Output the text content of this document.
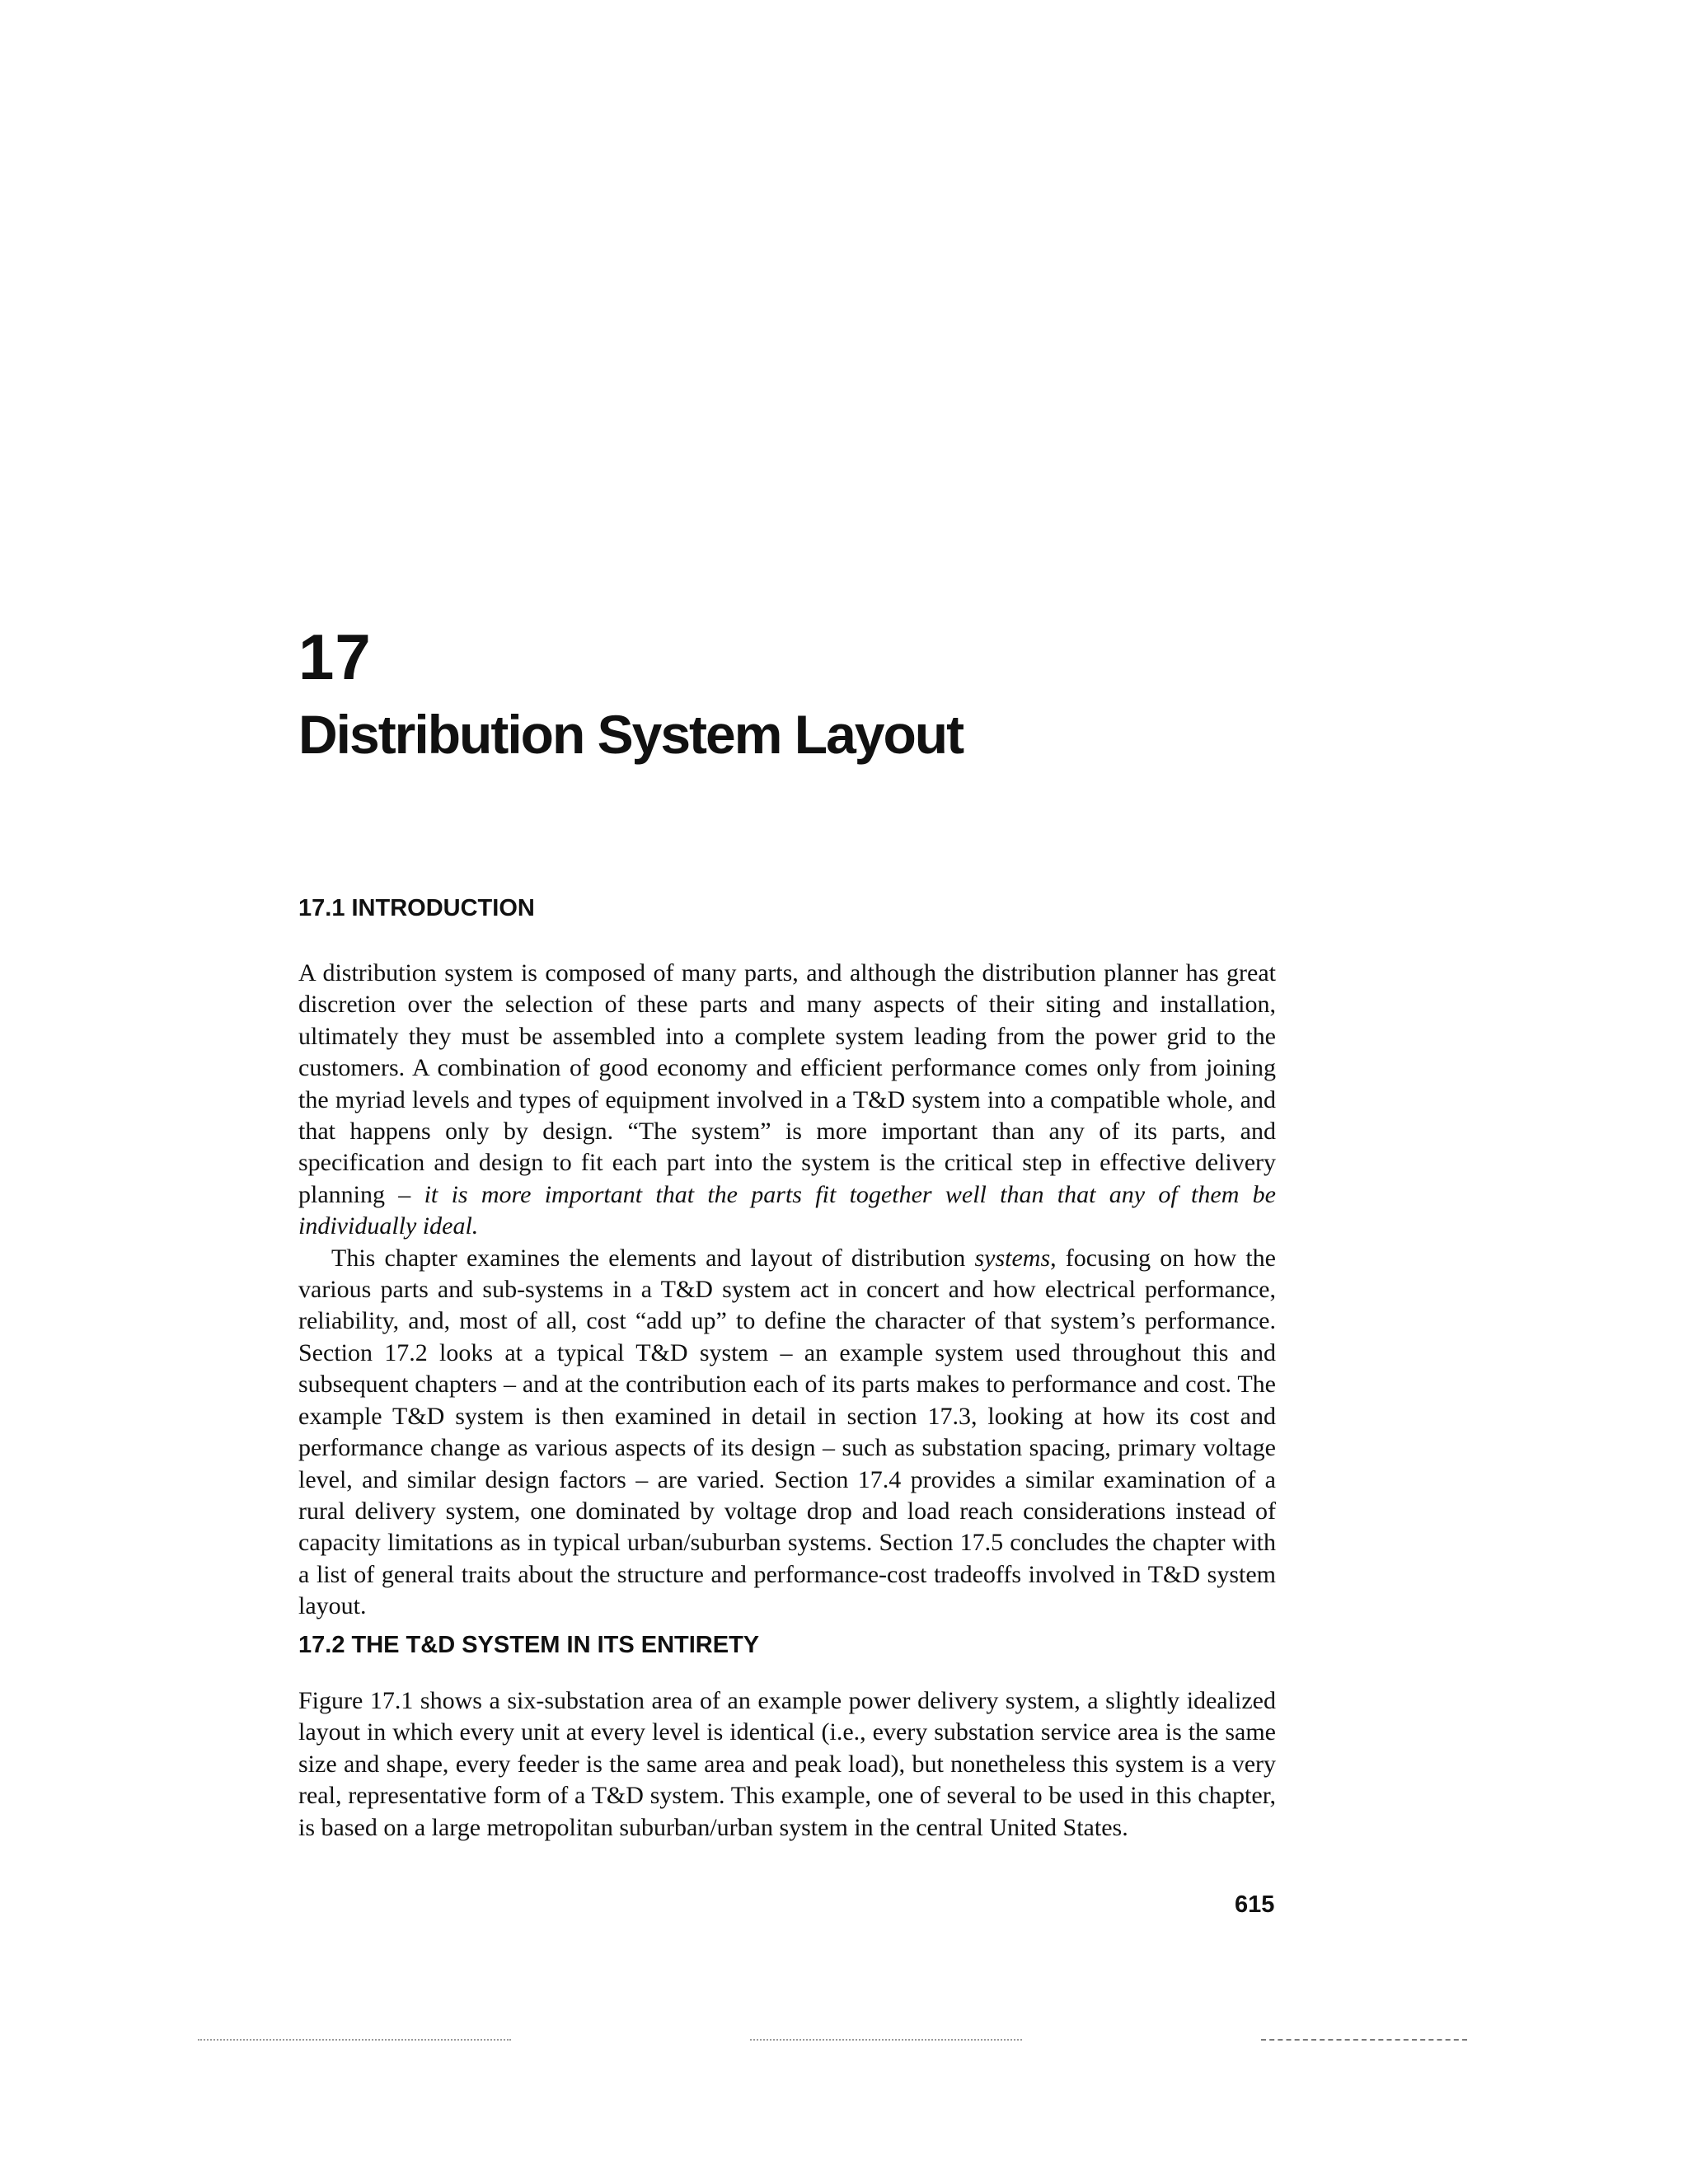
17
Distribution System Layout
17.1 INTRODUCTION

A distribution system is composed of many parts, and although the distribution planner has great discretion over the selection of these parts and many aspects of their siting and installation, ultimately they must be assembled into a complete system leading from the power grid to the customers. A combination of good economy and efficient performance comes only from joining the myriad levels and types of equipment involved in a T&D system into a compatible whole, and that happens only by design. “The system” is more important than any of its parts, and specification and design to fit each part into the system is the critical step in effective delivery planning – it is more important that the parts fit together well than that any of them be individually ideal.

This chapter examines the elements and layout of distribution systems, focusing on how the various parts and sub-systems in a T&D system act in concert and how electrical performance, reliability, and, most of all, cost “add up” to define the character of that system’s performance. Section 17.2 looks at a typical T&D system – an example system used throughout this and subsequent chapters – and at the contribution each of its parts makes to performance and cost. The example T&D system is then examined in detail in section 17.3, looking at how its cost and performance change as various aspects of its design – such as substation spacing, primary voltage level, and similar design factors – are varied. Section 17.4 provides a similar examination of a rural delivery system, one dominated by voltage drop and load reach considerations instead of capacity limitations as in typical urban/suburban systems. Section 17.5 concludes the chapter with a list of general traits about the structure and performance-cost tradeoffs involved in T&D system layout.

17.2 THE T&D SYSTEM IN ITS ENTIRETY

Figure 17.1 shows a six-substation area of an example power delivery system, a slightly idealized layout in which every unit at every level is identical (i.e., every substation service area is the same size and shape, every feeder is the same area and peak load), but nonetheless this system is a very real, representative form of a T&D system. This example, one of several to be used in this chapter, is based on a large metropolitan suburban/urban system in the central United States.

615
